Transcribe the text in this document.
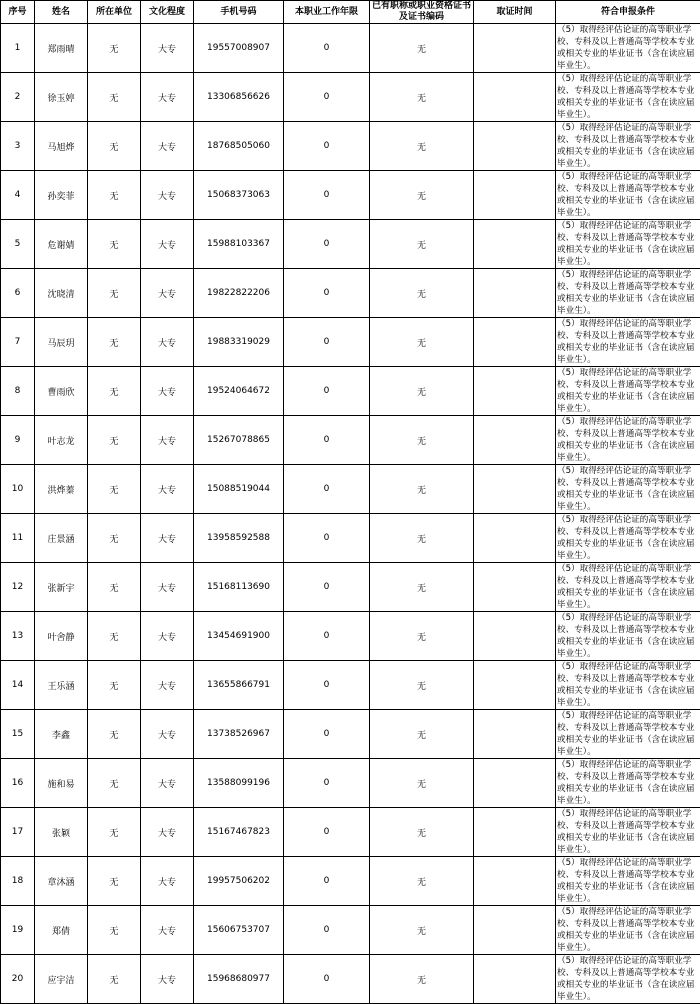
序号	姓名	所在单位	文化程度	手机号码	本职业工作年限	已有职称或职业资格证书及证书编码	取证时间	符合申报条件
1	郑雨晴	无	大专	19557008907	0	无		（5）取得经评估论证的高等职业学校、专科及以上普通高等学校本专业或相关专业的毕业证书（含在读应届毕业生）。
2	徐玉婷	无	大专	13306856626	0	无		（5）取得经评估论证的高等职业学校、专科及以上普通高等学校本专业或相关专业的毕业证书（含在读应届毕业生）。
3	马旭烨	无	大专	18768505060	0	无		（5）取得经评估论证的高等职业学校、专科及以上普通高等学校本专业或相关专业的毕业证书（含在读应届毕业生）。
4	孙奕菲	无	大专	15068373063	0	无		（5）取得经评估论证的高等职业学校、专科及以上普通高等学校本专业或相关专业的毕业证书（含在读应届毕业生）。
5	危谢婧	无	大专	15988103367	0	无		（5）取得经评估论证的高等职业学校、专科及以上普通高等学校本专业或相关专业的毕业证书（含在读应届毕业生）。
6	沈晓清	无	大专	19822822206	0	无		（5）取得经评估论证的高等职业学校、专科及以上普通高等学校本专业或相关专业的毕业证书（含在读应届毕业生）。
7	马辰玥	无	大专	19883319029	0	无		（5）取得经评估论证的高等职业学校、专科及以上普通高等学校本专业或相关专业的毕业证书（含在读应届毕业生）。
8	曹雨欣	无	大专	19524064672	0	无		（5）取得经评估论证的高等职业学校、专科及以上普通高等学校本专业或相关专业的毕业证书（含在读应届毕业生）。
9	叶志龙	无	大专	15267078865	0	无		（5）取得经评估论证的高等职业学校、专科及以上普通高等学校本专业或相关专业的毕业证书（含在读应届毕业生）。
10	洪烨蓁	无	大专	15088519044	0	无		（5）取得经评估论证的高等职业学校、专科及以上普通高等学校本专业或相关专业的毕业证书（含在读应届毕业生）。
11	庄景涵	无	大专	13958592588	0	无		（5）取得经评估论证的高等职业学校、专科及以上普通高等学校本专业或相关专业的毕业证书（含在读应届毕业生）。
12	张新宇	无	大专	15168113690	0	无		（5）取得经评估论证的高等职业学校、专科及以上普通高等学校本专业或相关专业的毕业证书（含在读应届毕业生）。
13	叶舍静	无	大专	13454691900	0	无		（5）取得经评估论证的高等职业学校、专科及以上普通高等学校本专业或相关专业的毕业证书（含在读应届毕业生）。
14	王乐涵	无	大专	13655866791	0	无		（5）取得经评估论证的高等职业学校、专科及以上普通高等学校本专业或相关专业的毕业证书（含在读应届毕业生）。
15	李鑫	无	大专	13738526967	0	无		（5）取得经评估论证的高等职业学校、专科及以上普通高等学校本专业或相关专业的毕业证书（含在读应届毕业生）。
16	施和易	无	大专	13588099196	0	无		（5）取得经评估论证的高等职业学校、专科及以上普通高等学校本专业或相关专业的毕业证书（含在读应届毕业生）。
17	张颖	无	大专	15167467823	0	无		（5）取得经评估论证的高等职业学校、专科及以上普通高等学校本专业或相关专业的毕业证书（含在读应届毕业生）。
18	章沐涵	无	大专	19957506202	0	无		（5）取得经评估论证的高等职业学校、专科及以上普通高等学校本专业或相关专业的毕业证书（含在读应届毕业生）。
19	郑倩	无	大专	15606753707	0	无		（5）取得经评估论证的高等职业学校、专科及以上普通高等学校本专业或相关专业的毕业证书（含在读应届毕业生）。
20	应宇洁	无	大专	15968680977	0	无		（5）取得经评估论证的高等职业学校、专科及以上普通高等学校本专业或相关专业的毕业证书（含在读应届毕业生）。
